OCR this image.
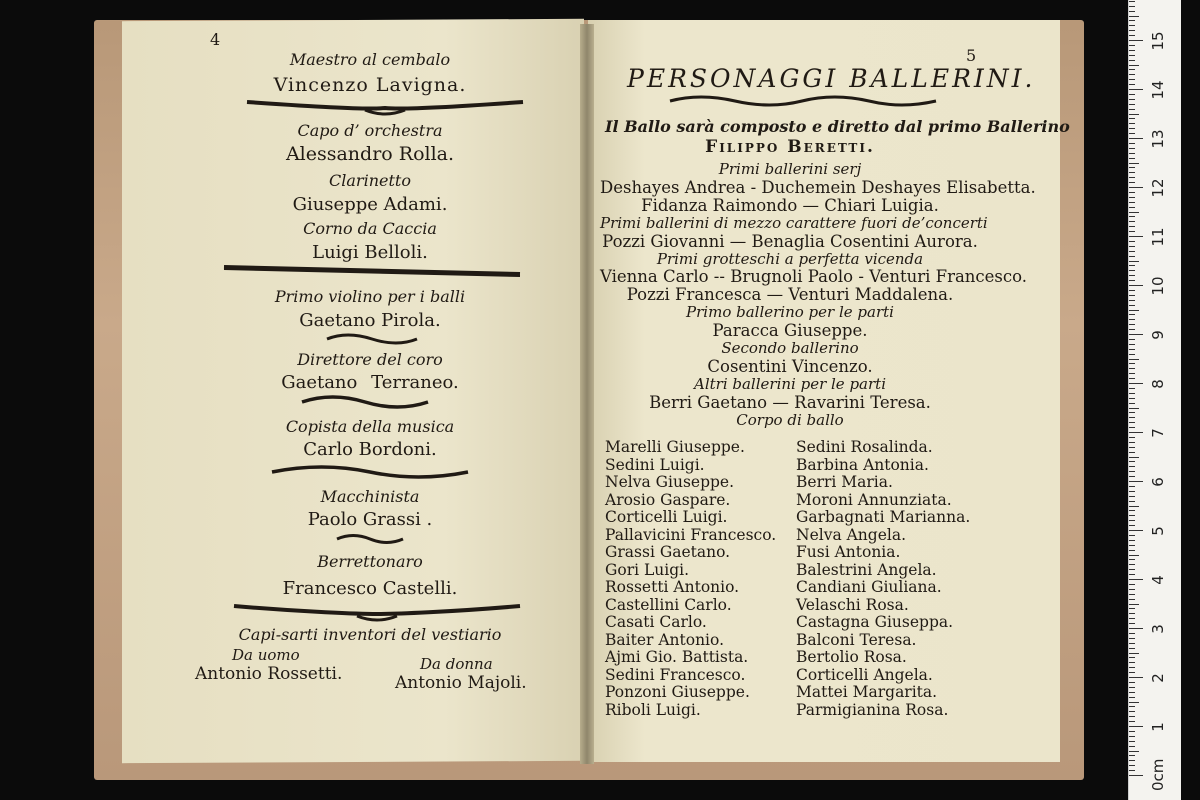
4
Maestro al cembalo
Vincenzo Lavigna.
Capo d’ orchestra
Alessandro Rolla.
Clarinetto
Giuseppe Adami.
Corno da Caccia
Luigi Belloli.
Primo violino per i balli
Gaetano Pirola.
Direttore del coro
Gaetano Terraneo.
Copista della musica
Carlo Bordoni.
Macchinista
Paolo Grassi .
Berrettonaro
Francesco Castelli.
Capi-sarti inventori del vestiario
Da uomo
Antonio Rossetti.	Da donna
Antonio Majoli.
5
PERSONAGGI BALLERINI.
Il Ballo sarà composto e diretto dal primo Ballerino
Filippo Beretti.
Primi ballerini serj
Deshayes Andrea - Duchemein Deshayes Elisabetta.
Fidanza Raimondo — Chiari Luigia.
Primi ballerini di mezzo carattere fuori de’concerti
Pozzi Giovanni — Benaglia Cosentini Aurora.
Primi grotteschi a perfetta vicenda
Vienna Carlo -- Brugnoli Paolo - Venturi Francesco.
Pozzi Francesca — Venturi Maddalena.
Primo ballerino per le parti
Paracca Giuseppe.
Secondo ballerino
Cosentini Vincenzo.
Altri ballerini per le parti
Berri Gaetano — Ravarini Teresa.
Corpo di ballo
Marelli Giuseppe.
Sedini Luigi.
Nelva Giuseppe.
Arosio Gaspare.
Corticelli Luigi.
Pallavicini Francesco.
Grassi Gaetano.
Gori Luigi.
Rossetti Antonio.
Castellini Carlo.
Casati Carlo.
Baiter Antonio.
Ajmi Gio. Battista.
Sedini Francesco.
Ponzoni Giuseppe.
Riboli Luigi.
Sedini Rosalinda.
Barbina Antonia.
Berri Maria.
Moroni Annunziata.
Garbagnati Marianna.
Nelva Angela.
Fusi Antonia.
Balestrini Angela.
Candiani Giuliana.
Velaschi Rosa.
Castagna Giuseppa.
Balconi Teresa.
Bertolio Rosa.
Corticelli Angela.
Mattei Margarita.
Parmigianina Rosa.
15
14
13
12
11
10
9
8
7
6
5
4
3
2
1
0cm
